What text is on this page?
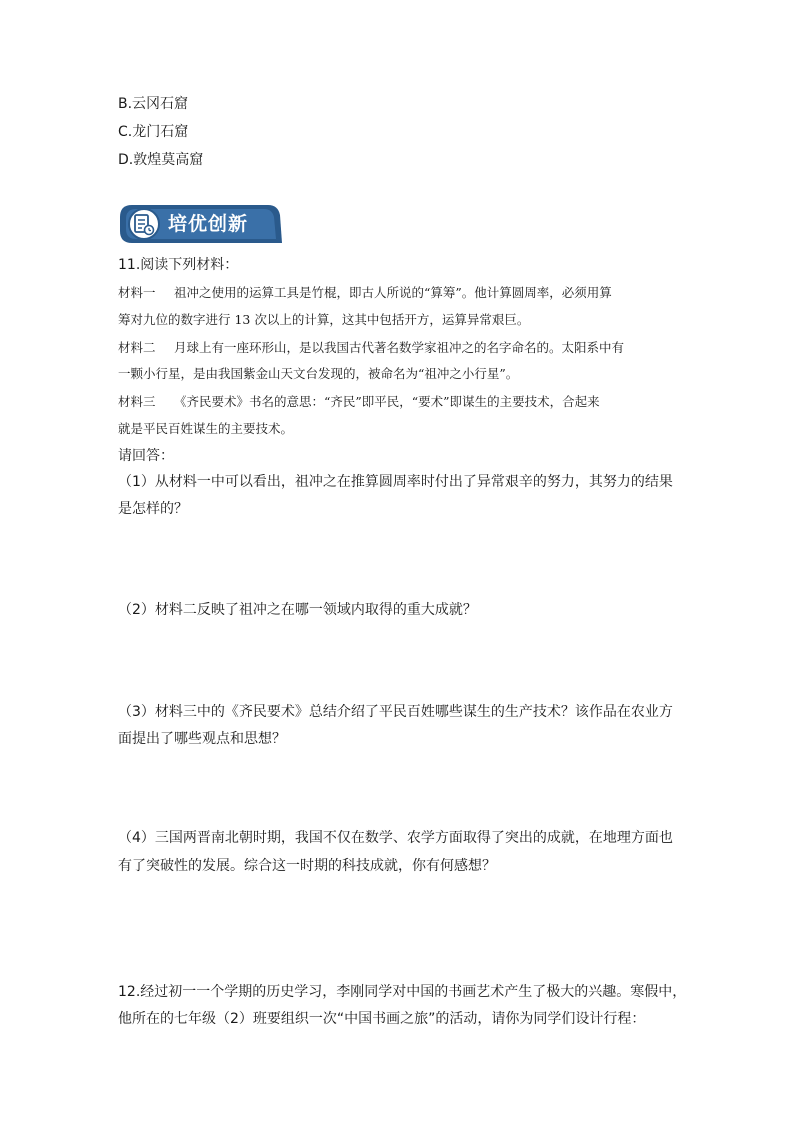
B.云冈石窟
C.龙门石窟
D.敦煌莫高窟
培优创新
11.阅读下列材料：
材料一 祖冲之使用的运算工具是竹棍，即古人所说的“算筹”。他计算圆周率，必须用算
筹对九位的数字进行 13 次以上的计算，这其中包括开方，运算异常艰巨。
材料二 月球上有一座环形山，是以我国古代著名数学家祖冲之的名字命名的。太阳系中有
一颗小行星，是由我国紫金山天文台发现的，被命名为“祖冲之小行星”。
材料三 《齐民要术》书名的意思：“齐民”即平民，“要术”即谋生的主要技术，合起来
就是平民百姓谋生的主要技术。
请回答：
（1）从材料一中可以看出，祖冲之在推算圆周率时付出了异常艰辛的努力，其努力的结果
是怎样的？
（2）材料二反映了祖冲之在哪一领域内取得的重大成就？
（3）材料三中的《齐民要术》总结介绍了平民百姓哪些谋生的生产技术？该作品在农业方
面提出了哪些观点和思想？
（4）三国两晋南北朝时期，我国不仅在数学、农学方面取得了突出的成就，在地理方面也
有了突破性的发展。综合这一时期的科技成就，你有何感想？
12.经过初一一个学期的历史学习，李刚同学对中国的书画艺术产生了极大的兴趣。寒假中，
他所在的七年级（2）班要组织一次“中国书画之旅”的活动，请你为同学们设计行程：
